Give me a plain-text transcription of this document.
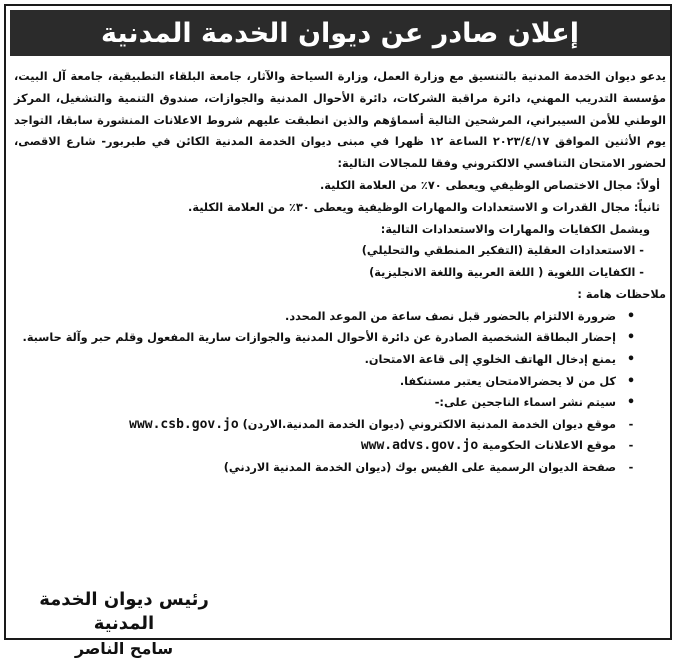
إعلان صادر عن ديوان الخدمة المدنية

يدعو ديوان الخدمة المدنية بالتنسيق مع وزارة العمل، وزارة السياحة والآثار، جامعة البلقاء التطبيقية، جامعة آل البيت، مؤسسة التدريب المهني، دائرة مراقبة الشركات، دائرة الأحوال المدنية والجوازات، صندوق التنمية والتشغيل، المركز الوطني للأمن السيبراني، المرشحين التالية أسماؤهم والذين انطبقت عليهم شروط الاعلانات المنشورة سابقا، التواجد يوم الأثنين الموافق ٢٠٢٣/٤/١٧ الساعة ١٢ ظهرا في مبنى ديوان الخدمة المدنية الكائن في طبربور- شارع الاقصى، لحضور الامتحان التنافسي الالكتروني وفقا للمجالات التالية:

أولاً: مجال الاختصاص الوظيفي ويعطى ٧٠٪ من العلامة الكلية.

ثانياً: مجال القدرات و الاستعدادات والمهارات الوظيفية ويعطى ٣٠٪ من العلامة الكلية.

ويشمل الكفايات والمهارات والاستعدادات التالية:

- الاستعدادات العقلية (التفكير المنطقي والتحليلي)

- الكفايات اللغوية ( اللغة العربية واللغة الانجليزية)

ملاحظات هامة :

•
ضرورة الالتزام بالحضور قبل نصف ساعة من الموعد المحدد.
•
إحضار البطاقة الشخصية الصادرة عن دائرة الأحوال المدنية والجوازات سارية المفعول وقلم حبر وآلة حاسبة.
•
يمنع إدخال الهاتف الخلوي إلى قاعة الامتحان.
•
كل من لا يحضرالامتحان يعتبر مستنكفا.
•
سيتم نشر اسماء الناجحين على:-
-
موقع ديوان الخدمة المدنية الالكتروني (ديوان الخدمة المدنية.الاردن) www.csb.gov.jo
-
موقع الاعلانات الحكومية www.advs.gov.jo
-
صفحة الديوان الرسمية على الفيس بوك (ديوان الخدمة المدنية الاردني)
رئيس ديوان الخدمة المدنية
سامح الناصر
